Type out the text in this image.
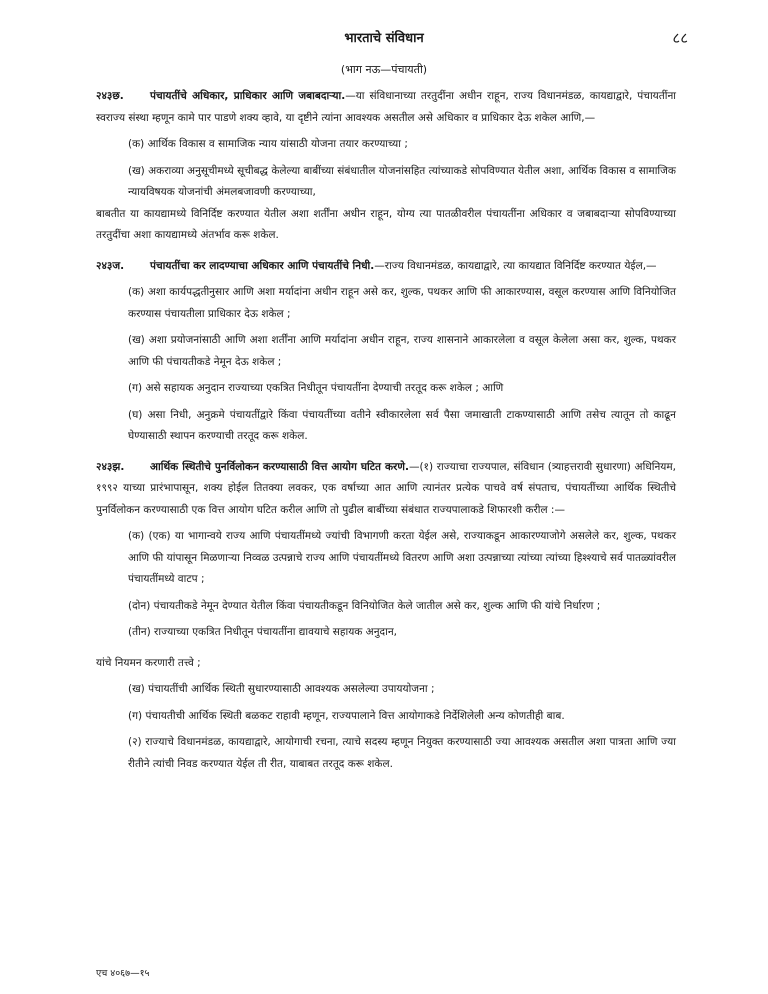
भारताचे संविधान	८८
(भाग नऊ—पंचायती)

२४३छ.	पंचायतींचे अधिकार, प्राधिकार आणि जबाबदाऱ्या.—या संविधानाच्या तरतुदींना अधीन राहून, राज्य विधानमंडळ, कायद्याद्वारे, पंचायतींना स्वराज्य संस्था म्हणून कामे पार पाडणे शक्य व्हावे, या दृष्टीने त्यांना आवश्यक असतील असे अधिकार व प्राधिकार देऊ शकेल आणि,—

(क) आर्थिक विकास व सामाजिक न्याय यांसाठी योजना तयार करण्याच्या ;

(ख) अकराव्या अनुसूचीमध्ये सूचीबद्ध केलेल्या बाबींच्या संबंधातील योजनांसहित त्यांच्याकडे सोपविण्यात येतील अशा, आर्थिक विकास व सामाजिक न्यायविषयक योजनांची अंमलबजावणी करण्याच्या,

बाबतीत या कायद्यामध्ये विनिर्दिष्ट करण्यात येतील अशा शर्तींना अधीन राहून, योग्य त्या पातळीवरील पंचायतींना अधिकार व जबाबदाऱ्या सोपविण्याच्या तरतुदींचा अशा कायद्यामध्ये अंतर्भाव करू शकेल.

२४३ज. पंचायतींचा कर लादण्याचा अधिकार आणि पंचायतींचे निधी.—राज्य विधानमंडळ, कायद्याद्वारे, त्या कायद्यात विनिर्दिष्ट करण्यात येईल,—

(क) अशा कार्यपद्धतीनुसार आणि अशा मर्यादांना अधीन राहून असे कर, शुल्क, पथकर आणि फी आकारण्यास, वसूल करण्यास आणि विनियोजित करण्यास पंचायतीला प्राधिकार देऊ शकेल ;

(ख) अशा प्रयोजनांसाठी आणि अशा शर्तींना आणि मर्यादांना अधीन राहून, राज्य शासनाने आकारलेला व वसूल केलेला असा कर, शुल्क, पथकर आणि फी पंचायतीकडे नेमून देऊ शकेल ;

(ग) असे सहायक अनुदान राज्याच्या एकत्रित निधीतून पंचायतींना देण्याची तरतूद करू शकेल ; आणि

(घ) असा निधी, अनुक्रमे पंचायतींद्वारे किंवा पंचायतींच्या वतीने स्वीकारलेला सर्व पैसा जमाखाती टाकण्यासाठी आणि तसेच त्यातून तो काढून घेण्यासाठी स्थापन करण्याची तरतूद करू शकेल.

२४३झ. आर्थिक स्थितीचे पुनर्विलोकन करण्यासाठी वित्त आयोग घटित करणे.—(१) राज्याचा राज्यपाल, संविधान (त्र्याहत्तरावी सुधारणा) अधिनियम, १९९२ याच्या प्रारंभापासून, शक्य होईल तितक्या लवकर, एक वर्षाच्या आत आणि त्यानंतर प्रत्येक पाचवे वर्ष संपताच, पंचायतींच्या आर्थिक स्थितीचे पुनर्विलोकन करण्यासाठी एक वित्त आयोग घटित करील आणि तो पुढील बाबींच्या संबंधात राज्यपालाकडे शिफारशी करील :—

(क) (एक) या भागान्वये राज्य आणि पंचायतींमध्ये ज्यांची विभागणी करता येईल असे, राज्याकडून आकारण्याजोगे असलेले कर, शुल्क, पथकर आणि फी यांपासून मिळणाऱ्या निव्वळ उत्पन्नाचे राज्य आणि पंचायतींमध्ये वितरण आणि अशा उत्पन्नाच्या त्यांच्या त्यांच्या हिश्श्याचे सर्व पातळ्यांवरील पंचायतींमध्ये वाटप ;

(दोन) पंचायतीकडे नेमून देण्यात येतील किंवा पंचायतीकडून विनियोजित केले जातील असे कर, शुल्क आणि फी यांचे निर्धारण ;

(तीन) राज्याच्या एकत्रित निधीतून पंचायतींना द्यावयाचे सहायक अनुदान,

यांचे नियमन करणारी तत्त्वे ;

(ख) पंचायतींची आर्थिक स्थिती सुधारण्यासाठी आवश्यक असलेल्या उपाययोजना ;

(ग) पंचायतीची आर्थिक स्थिती बळकट राहावी म्हणून, राज्यपालाने वित्त आयोगाकडे निर्देशिलेली अन्य कोणतीही बाब.

(२) राज्याचे विधानमंडळ, कायद्याद्वारे, आयोगाची रचना, त्याचे सदस्य म्हणून नियुक्त करण्यासाठी ज्या आवश्यक असतील अशा पात्रता आणि ज्या रीतीने त्यांची निवड करण्यात येईल ती रीत, याबाबत तरतूद करू शकेल.

एच ४०६७—१५
